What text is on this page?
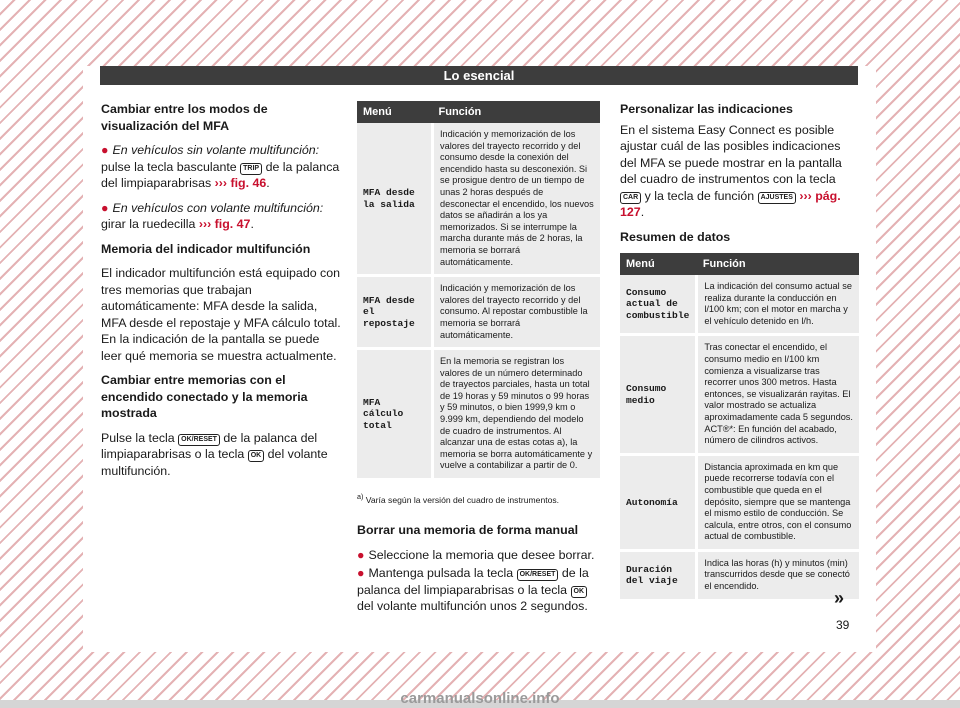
Lo esencial

Cambiar entre los modos de visualización del MFA

● En vehículos sin volante multifunción: pulse la tecla basculante TRIP de la palanca del limpiaparabrisas ››› fig. 46.

● En vehículos con volante multifunción: girar la ruedecilla ››› fig. 47.

Memoria del indicador multifunción

El indicador multifunción está equipado con tres memorias que trabajan automáticamente: MFA desde la salida, MFA desde el repostaje y MFA cálculo total. En la indicación de la pantalla se puede leer qué memoria se muestra actualmente.

Cambiar entre memorias con el encendido conectado y la memoria mostrada

Pulse la tecla OK/RESET de la palanca del limpiaparabrisas o la tecla OK del volante multifunción.

Menú	Función
MFA desde la salida	Indicación y memorización de los valores del trayecto recorrido y del consumo desde la conexión del encendido hasta su desconexión. Si se prosigue dentro de un tiempo de unas 2 horas después de desconectar el encendido, los nuevos datos se añadirán a los ya memorizados. Si se interrumpe la marcha durante más de 2 horas, la memoria se borrará automáticamente.
MFA desde el repostaje	Indicación y memorización de los valores del trayecto recorrido y del consumo. Al repostar combustible la memoria se borrará automáticamente.
MFA cálculo total	En la memoria se registran los valores de un número determinado de trayectos parciales, hasta un total de 19 horas y 59 minutos o 99 horas y 59 minutos, o bien 1999,9 km o 9.999 km, dependiendo del modelo de cuadro de instrumentos. Al alcanzar una de estas cotas a), la memoria se borra automáticamente y vuelve a contabilizar a partir de 0.
$^{a)}$ Varía según la versión del cuadro de instrumentos.

Borrar una memoria de forma manual

● Seleccione la memoria que desee borrar.

● Mantenga pulsada la tecla OK/RESET de la palanca del limpiaparabrisas o la tecla OK del volante multifunción unos 2 segundos.

Personalizar las indicaciones

En el sistema Easy Connect es posible ajustar cuál de las posibles indicaciones del MFA se puede mostrar en la pantalla del cuadro de instrumentos con la tecla CAR y la tecla de función AJUSTES ››› pág. 127.

Resumen de datos

Menú	Función
Consumo actual de combustible	La indicación del consumo actual se realiza durante la conducción en l/100 km; con el motor en marcha y el vehículo detenido en l/h.
Consumo medio	Tras conectar el encendido, el consumo medio en l/100 km comienza a visualizarse tras recorrer unos 300 metros. Hasta entonces, se visualizarán rayitas. El valor mostrado se actualiza aproximadamente cada 5 segundos. ACT®*: En función del acabado, número de cilindros activos.
Autonomía	Distancia aproximada en km que puede recorrerse todavía con el combustible que queda en el depósito, siempre que se mantenga el mismo estilo de conducción. Se calcula, entre otros, con el consumo actual de combustible.
Duración del viaje	Indica las horas (h) y minutos (min) transcurridos desde que se conectó el encendido.
»
39
carmanualsonline.info
